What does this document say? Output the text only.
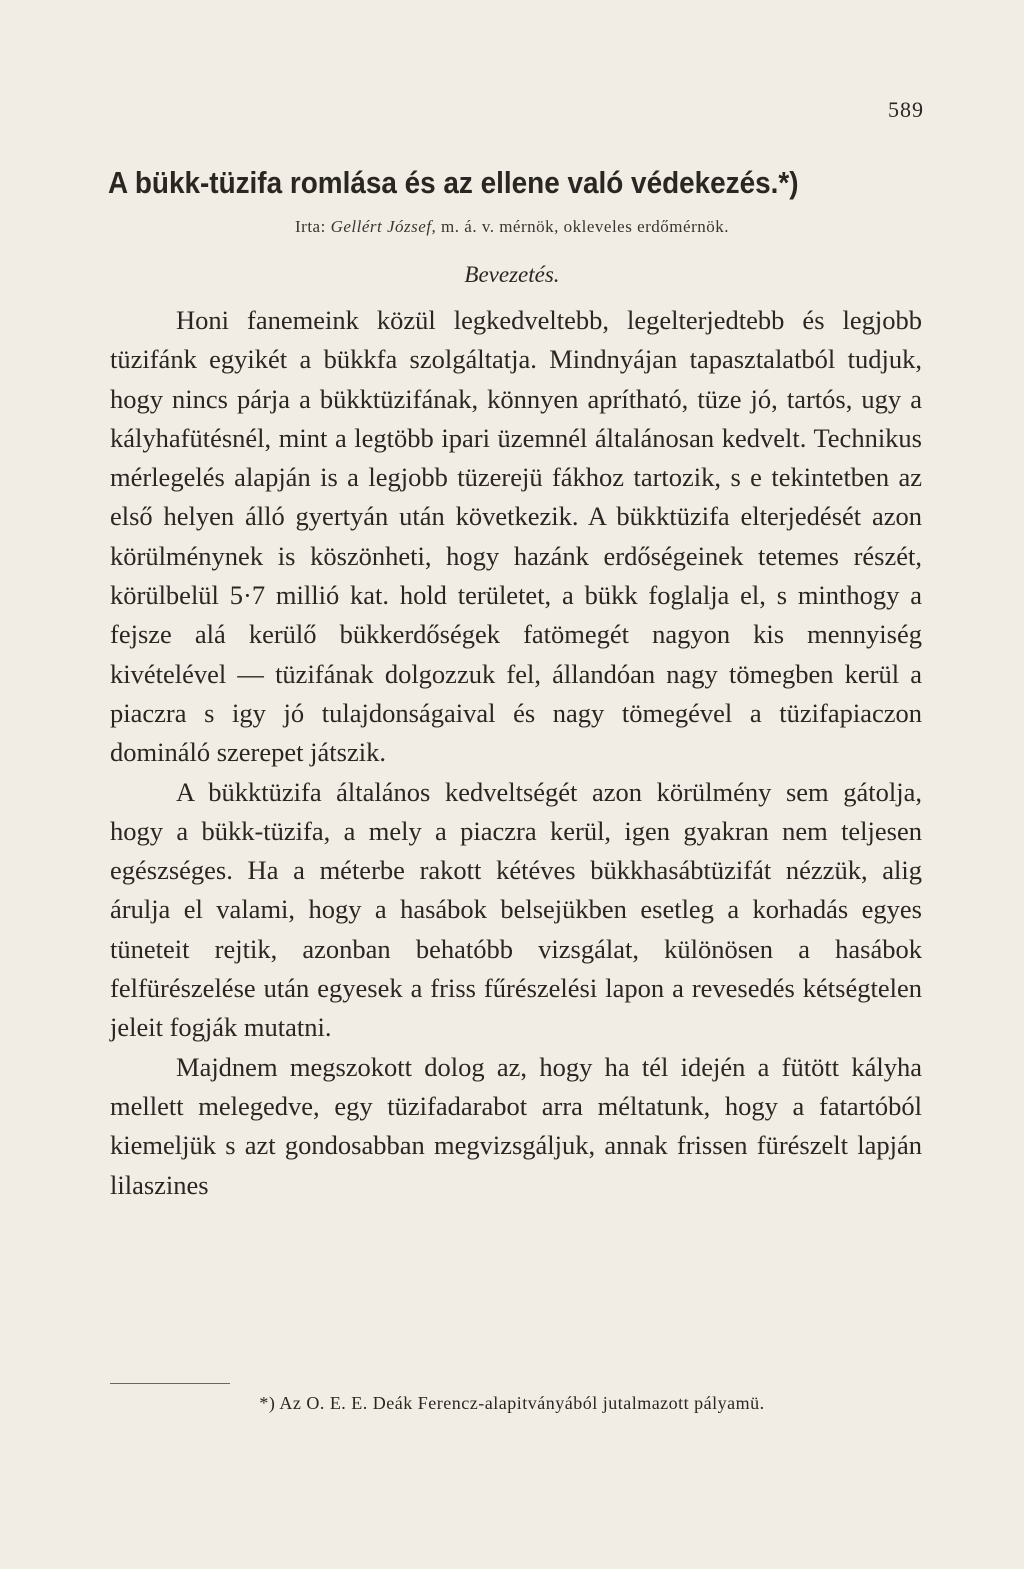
589
A bükk-tüzifa romlása és az ellene való védekezés.*)
Irta: Gellért József, m. á. v. mérnök, okleveles erdőmérnök.
Bevezetés.

Honi fanemeink közül legkedveltebb, legelterjedtebb és legjobb tüzifánk egyikét a bükkfa szolgáltatja. Mindnyájan tapasztalatból tudjuk, hogy nincs párja a bükktüzifának, könnyen aprítható, tüze jó, tartós, ugy a kályhafütésnél, mint a legtöbb ipari üzemnél általánosan kedvelt. Technikus mérlegelés alapján is a legjobb tüzerejü fákhoz tartozik, s e tekintetben az első helyen álló gyertyán után következik. A bükktüzifa elterjedését azon körülménynek is köszönheti, hogy hazánk erdőségeinek tetemes részét, körülbelül 5·7 millió kat. hold területet, a bükk foglalja el, s minthogy a fejsze alá kerülő bükkerdőségek fatömegét nagyon kis mennyiség kivételével — tüzifának dolgozzuk fel, állandóan nagy tömegben kerül a piaczra s igy jó tulajdonságaival és nagy tömegével a tüzifapiaczon domináló szerepet játszik.

A bükktüzifa általános kedveltségét azon körülmény sem gátolja, hogy a bükk-tüzifa, a mely a piaczra kerül, igen gyakran nem teljesen egészséges. Ha a méterbe rakott kétéves bükkhasábtüzifát nézzük, alig árulja el valami, hogy a hasábok belsejükben esetleg a korhadás egyes tüneteit rejtik, azonban behatóbb vizsgálat, különösen a hasábok felfürészelése után egyesek a friss fűrészelési lapon a revesedés kétségtelen jeleit fogják mutatni.

Majdnem megszokott dolog az, hogy ha tél idején a fütött kályha mellett melegedve, egy tüzifadarabot arra méltatunk, hogy a fatartóból kiemeljük s azt gondosabban megvizsgáljuk, annak frissen fürészelt lapján lilaszines

*) Az O. E. E. Deák Ferencz-alapitványából jutalmazott pályamü.
